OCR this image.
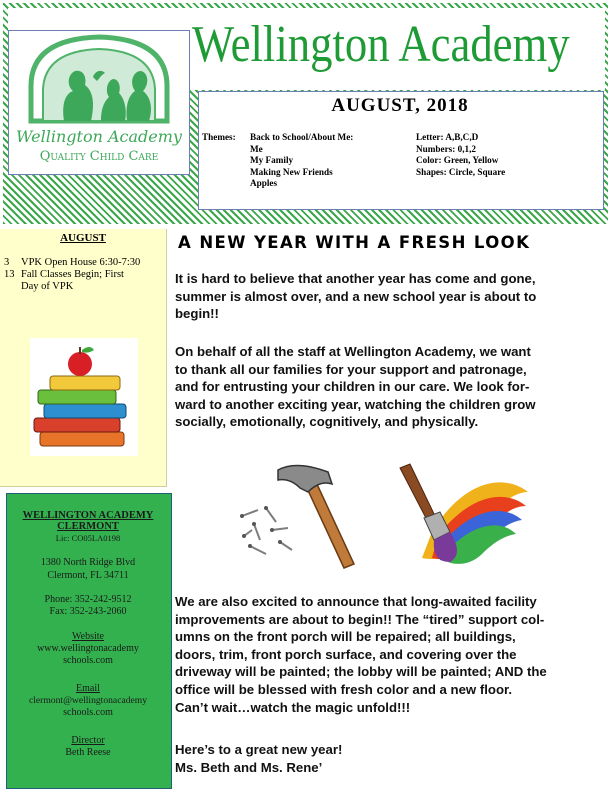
Wellington Academy
Wellington Academy
Quality Child Care
AUGUST, 2018
Themes: Back to School/About Me:
Me
My Family
Making New Friends
Apples
Letter: A,B,C,D
Numbers: 0,1,2
Color: Green, Yellow
Shapes: Circle, Square
AUGUST
3 VPK Open House 6:30-7:30
13 Fall Classes Begin; First
Day of VPK
WELLINGTON ACADEMY
CLERMONT
Lic: CO05LA0198
1380 North Ridge Blvd
Clermont, FL 34711
Phone: 352-242-9512
Fax: 352-243-2060
Website
www.wellingtonacademy
schools.com
Email
clermont@wellingtonacademy
schools.com
Director
Beth Reese
A NEW YEAR WITH A FRESH LOOK
It is hard to believe that another year has come and gone,
summer is almost over, and a new school year is about to
begin!!
On behalf of all the staff at Wellington Academy, we want
to thank all our families for your support and patronage,
and for entrusting your children in our care. We look for-
ward to another exciting year, watching the children grow
socially, emotionally, cognitively, and physically.
We are also excited to announce that long-awaited facility
improvements are about to begin!! The “tired” support col-
umns on the front porch will be repaired; all buildings,
doors, trim, front porch surface, and covering over the
driveway will be painted; the lobby will be painted; AND the
office will be blessed with fresh color and a new floor.
Can’t wait…watch the magic unfold!!!
Here’s to a great new year!
Ms. Beth and Ms. Rene’
